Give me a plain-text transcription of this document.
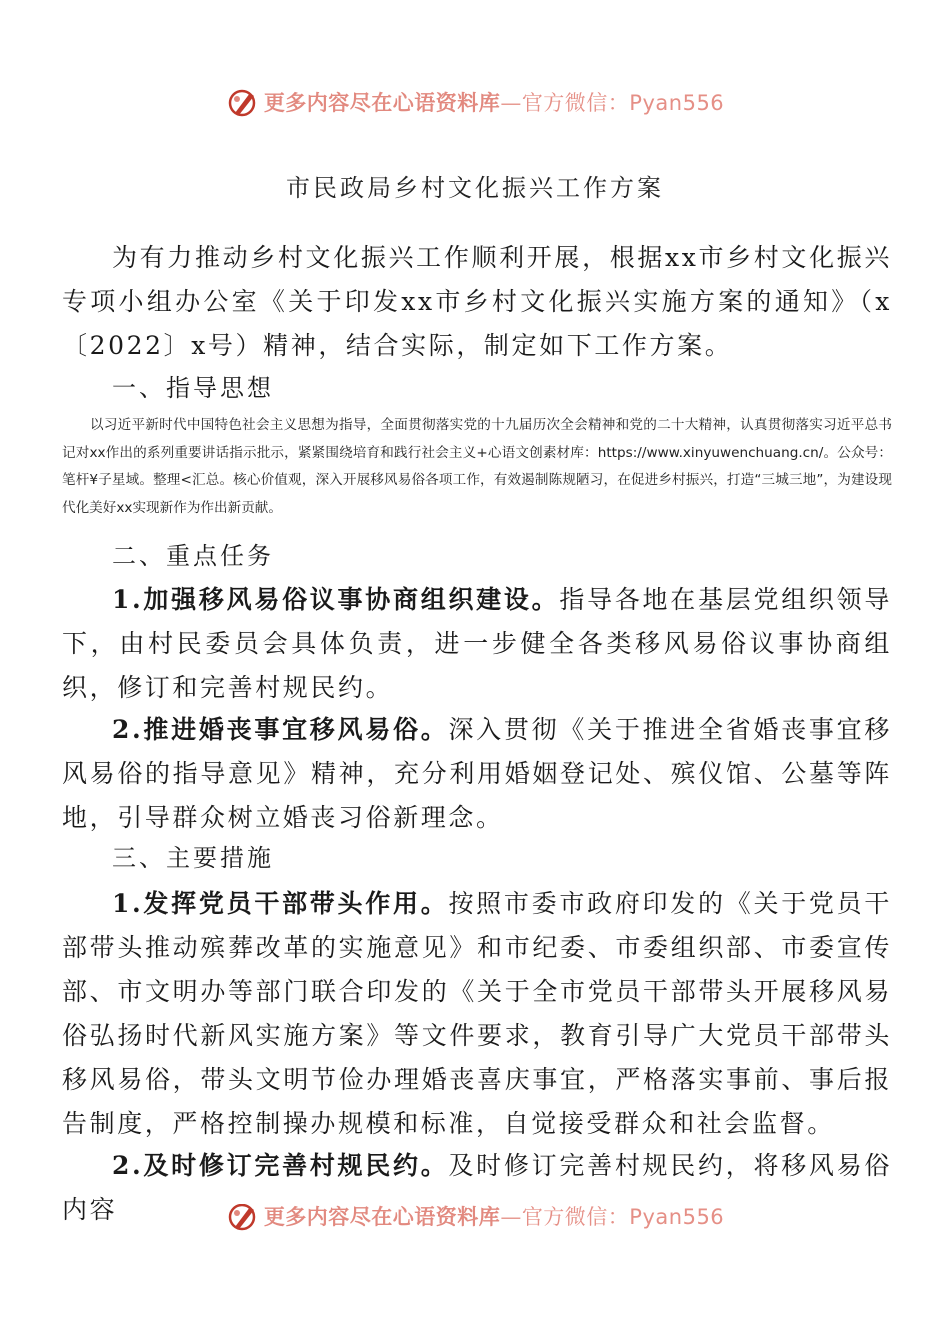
更多内容尽在心语资料库—官方微信：Pyan556
市民政局乡村文化振兴工作方案

为有力推动乡村文化振兴工作顺利开展，根据xx市乡村文化振兴专项小组办公室《关于印发xx市乡村文化振兴实施方案的通知》（x〔2022〕x号）精神，结合实际，制定如下工作方案。

一、指导思想

以习近平新时代中国特色社会主义思想为指导，全面贯彻落实党的十九届历次全会精神和党的二十大精神，认真贯彻落实习近平总书记对xx作出的系列重要讲话指示批示，紧紧围绕培育和践行社会主义+心语文创素材库：https://www.xinyuwenchuang.cn/。公众号：笔杆¥子星域。整理<汇总。核心价值观，深入开展移风易俗各项工作，有效遏制陈规陋习，在促进乡村振兴，打造“三城三地”，为建设现代化美好xx实现新作为作出新贡献。

二、重点任务

1.加强移风易俗议事协商组织建设。指导各地在基层党组织领导下，由村民委员会具体负责，进一步健全各类移风易俗议事协商组织，修订和完善村规民约。

2.推进婚丧事宜移风易俗。深入贯彻《关于推进全省婚丧事宜移风易俗的指导意见》精神，充分利用婚姻登记处、殡仪馆、公墓等阵地，引导群众树立婚丧习俗新理念。

三、主要措施

1.发挥党员干部带头作用。按照市委市政府印发的《关于党员干部带头推动殡葬改革的实施意见》和市纪委、市委组织部、市委宣传部、市文明办等部门联合印发的《关于全市党员干部带头开展移风易俗弘扬时代新风实施方案》等文件要求，教育引导广大党员干部带头移风易俗，带头文明节俭办理婚丧喜庆事宜，严格落实事前、事后报告制度，严格控制操办规模和标准，自觉接受群众和社会监督。

2.及时修订完善村规民约。及时修订完善村规民约，将移风易俗内容	更多内容尽在心语资料库—官方微信：Pyan556
